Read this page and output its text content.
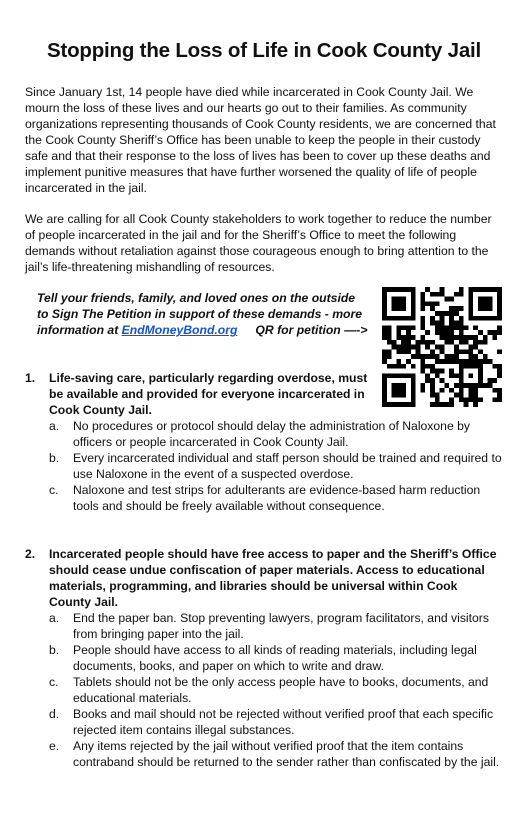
Stopping the Loss of Life in Cook County Jail

Since January 1st, 14 people have died while incarcerated in Cook County Jail. We mourn the loss of these lives and our hearts go out to their families. As community organizations representing thousands of Cook County residents, we are concerned that the Cook County Sheriff’s Office has been unable to keep the people in their custody safe and that their response to the loss of lives has been to cover up these deaths and implement punitive measures that have further worsened the quality of life of people incarcerated in the jail.

We are calling for all Cook County stakeholders to work together to reduce the number of people incarcerated in the jail and for the Sheriff’s Office to meet the following demands without retaliation against those courageous enough to bring attention to the jail’s life-threatening mishandling of resources.

Tell your friends, family, and loved ones on the outside to Sign The Petition in support of these demands - more information at EndMoneyBond.org QR for petition —->
1. Life-saving care, particularly regarding overdose, must be available and provided for everyone incarcerated in Cook County Jail.
a. No procedures or protocol should delay the administration of Naloxone by officers or people incarcerated in Cook County Jail.
b. Every incarcerated individual and staff person should be trained and required to use Naloxone in the event of a suspected overdose.
c. Naloxone and test strips for adulterants are evidence-based harm reduction tools and should be freely available without consequence.
2. Incarcerated people should have free access to paper and the Sheriff’s Office should cease undue confiscation of paper materials. Access to educational materials, programming, and libraries should be universal within Cook County Jail.
a. End the paper ban. Stop preventing lawyers, program facilitators, and visitors from bringing paper into the jail.
b. People should have access to all kinds of reading materials, including legal documents, books, and paper on which to write and draw.
c. Tablets should not be the only access people have to books, documents, and educational materials.
d. Books and mail should not be rejected without verified proof that each specific rejected item contains illegal substances.
e. Any items rejected by the jail without verified proof that the item contains contraband should be returned to the sender rather than confiscated by the jail.
